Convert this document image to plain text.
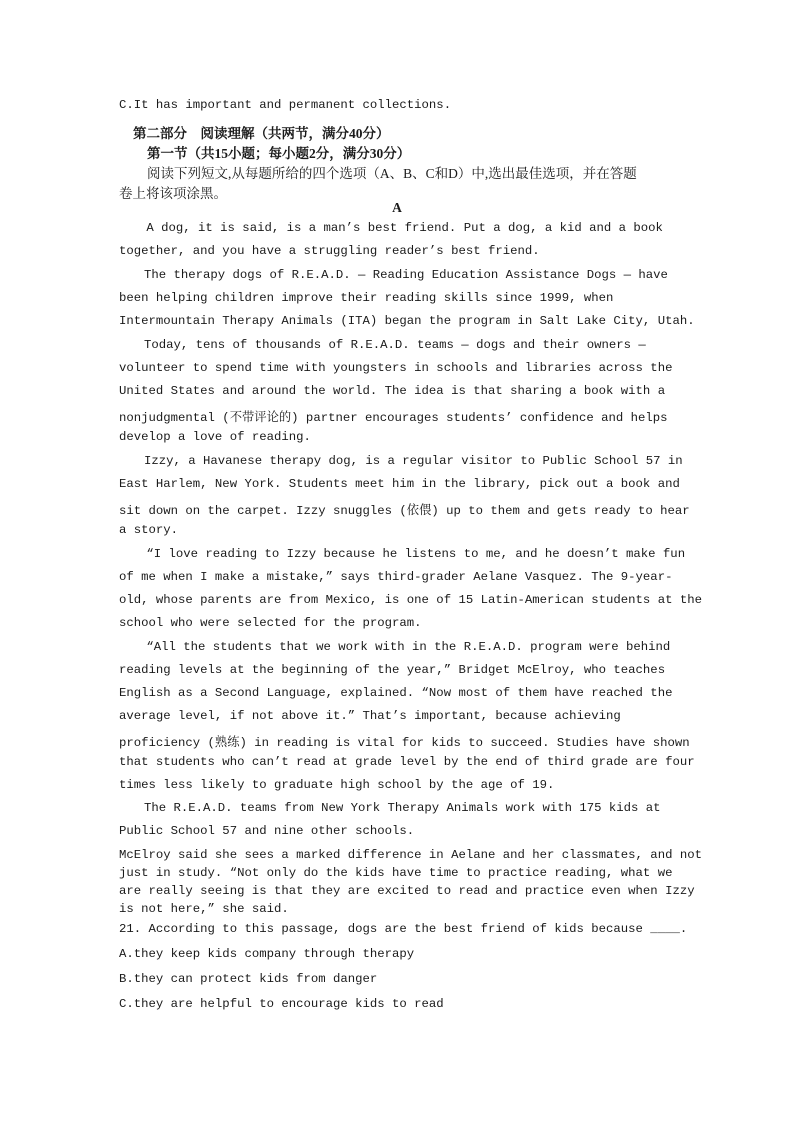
C.It has important and permanent collections.

第二部分　阅读理解（共两节，满分40分）

第一节（共15小题；每小题2分，满分30分）

阅读下列短文,从每题所给的四个选项（A、B、C和D）中,选出最佳选项，并在答题

卷上将该项涂黑。

A

A dog, it is said, is a man’s best friend. Put a dog, a kid and a book

together, and you have a struggling reader’s best friend.

The therapy dogs of R.E.A.D. — Reading Education Assistance Dogs — have

been helping children improve their reading skills since 1999, when

Intermountain Therapy Animals (ITA) began the program in Salt Lake City, Utah.

Today, tens of thousands of R.E.A.D. teams — dogs and their owners —

volunteer to spend time with youngsters in schools and libraries across the

United States and around the world. The idea is that sharing a book with a

nonjudgmental (不带评论的) partner encourages students’ confidence and helps

develop a love of reading.

Izzy, a Havanese therapy dog, is a regular visitor to Public School 57 in

East Harlem, New York. Students meet him in the library, pick out a book and

sit down on the carpet. Izzy snuggles (依偎) up to them and gets ready to hear

a story.

“I love reading to Izzy because he listens to me, and he doesn’t make fun

of me when I make a mistake,” says third-grader Aelane Vasquez. The 9-year-

old, whose parents are from Mexico, is one of 15 Latin-American students at the

school who were selected for the program.

“All the students that we work with in the R.E.A.D. program were behind

reading levels at the beginning of the year,” Bridget McElroy, who teaches

English as a Second Language, explained. “Now most of them have reached the

average level, if not above it.” That’s important, because achieving

proficiency (熟练) in reading is vital for kids to succeed. Studies have shown

that students who can’t read at grade level by the end of third grade are four

times less likely to graduate high school by the age of 19.

The R.E.A.D. teams from New York Therapy Animals work with 175 kids at

Public School 57 and nine other schools.

McElroy said she sees a marked difference in Aelane and her classmates, and not

just in study. “Not only do the kids have time to practice reading, what we

are really seeing is that they are excited to read and practice even when Izzy

is not here,” she said.

21. According to this passage, dogs are the best friend of kids because ____.

A.they keep kids company through therapy

B.they can protect kids from danger

C.they are helpful to encourage kids to read
